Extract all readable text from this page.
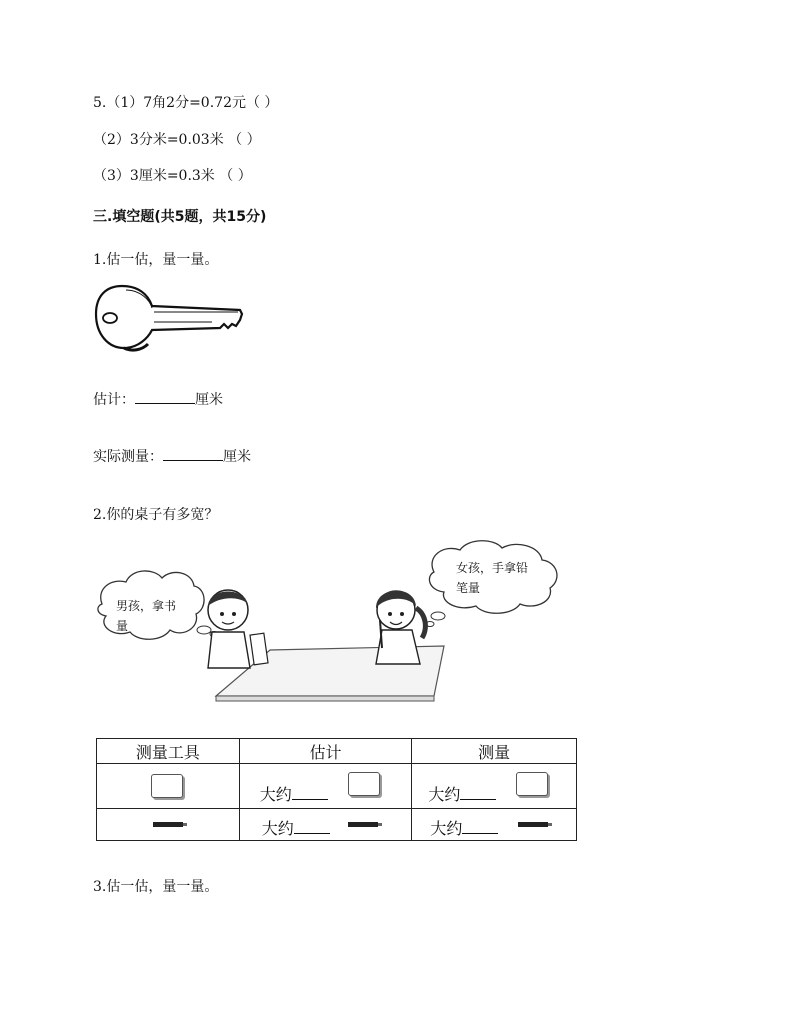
5.（1）7角2分=0.72元（ ）
（2）3分米=0.03米 （ ）
（3）3厘米=0.3米 （ ）
三.填空题(共5题，共15分)
1.估一估，量一量。
估计：	厘米
实际测量：	厘米
2.你的桌子有多宽？
男孩，拿书
量
女孩，手拿铅
笔量
测量工具	估计	测量

	大约	大约

	大约	大约
3.估一估，量一量。
